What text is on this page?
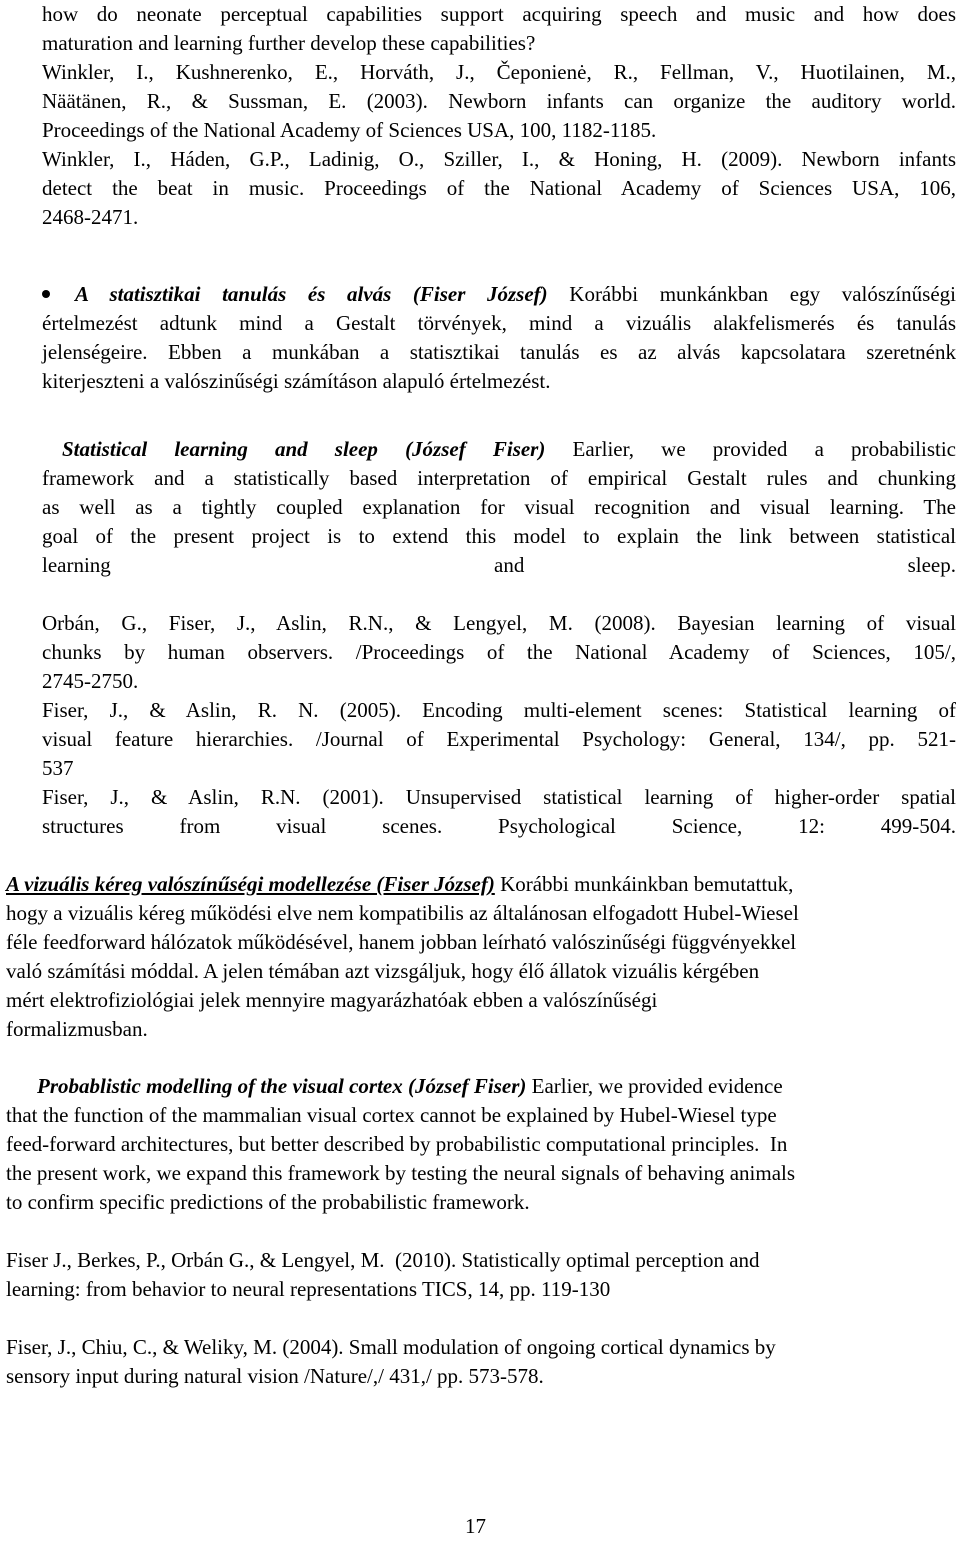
how do neonate perceptual capabilities support acquiring speech and music and how does
maturation and learning further develop these capabilities?
Winkler, I., Kushnerenko, E., Horváth, J., Čeponienė, R., Fellman, V., Huotilainen, M.,
Näätänen, R., & Sussman, E. (2003). Newborn infants can organize the auditory world.
Proceedings of the National Academy of Sciences USA, 100, 1182-1185.
Winkler, I., Háden, G.P., Ladinig, O., Sziller, I., & Honing, H. (2009). Newborn infants
detect the beat in music. Proceedings of the National Academy of Sciences USA, 106,
2468-2471.
A statisztikai tanulás és alvás (Fiser József) Korábbi munkánkban egy valószínűségi
értelmezést adtunk mind a Gestalt törvények, mind a vizuális alakfelismerés és tanulás
jelenségeire. Ebben a munkában a statisztikai tanulás es az alvás kapcsolatara szeretnénk
kiterjeszteni a valószinűségi számításon alapuló értelmezést.
Statistical learning and sleep (József Fiser) Earlier, we provided a probabilistic
framework and a statistically based interpretation of empirical Gestalt rules and chunking
as well as a tightly coupled explanation for visual recognition and visual learning. The
goal of the present project is to extend this model to explain the link between statistical
learning and sleep.
Orbán, G., Fiser, J., Aslin, R.N., & Lengyel, M. (2008). Bayesian learning of visual
chunks by human observers. /Proceedings of the National Academy of Sciences, 105/,
2745-2750.
Fiser, J., & Aslin, R. N. (2005). Encoding multi-element scenes: Statistical learning of
visual feature hierarchies. /Journal of Experimental Psychology: General, 134/, pp. 521-
537
Fiser, J., & Aslin, R.N. (2001). Unsupervised statistical learning of higher-order spatial
structures from visual scenes. Psychological Science, 12: 499-504.
A vizuális kéreg valószínűségi modellezése (Fiser József) Korábbi munkáinkban bemutattuk,
hogy a vizuális kéreg működési elve nem kompatibilis az általánosan elfogadott Hubel-Wiesel
féle feedforward hálózatok működésével, hanem jobban leírható valószinűségi függvényekkel
való számítási móddal. A jelen témában azt vizsgáljuk, hogy élő állatok vizuális kérgében
mért elektrofiziológiai jelek mennyire magyarázhatóak ebben a valószínűségi
formalizmusban.
Probablistic modelling of the visual cortex (József Fiser) Earlier, we provided evidence
that the function of the mammalian visual cortex cannot be explained by Hubel-Wiesel type
feed-forward architectures, but better described by probabilistic computational principles.  In
the present work, we expand this framework by testing the neural signals of behaving animals
to confirm specific predictions of the probabilistic framework.
Fiser J., Berkes, P., Orbán G., & Lengyel, M.  (2010). Statistically optimal perception and
learning: from behavior to neural representations TICS, 14, pp. 119-130
Fiser, J., Chiu, C., & Weliky, M. (2004). Small modulation of ongoing cortical dynamics by
sensory input during natural vision /Nature/,/ 431,/ pp. 573-578.
17
